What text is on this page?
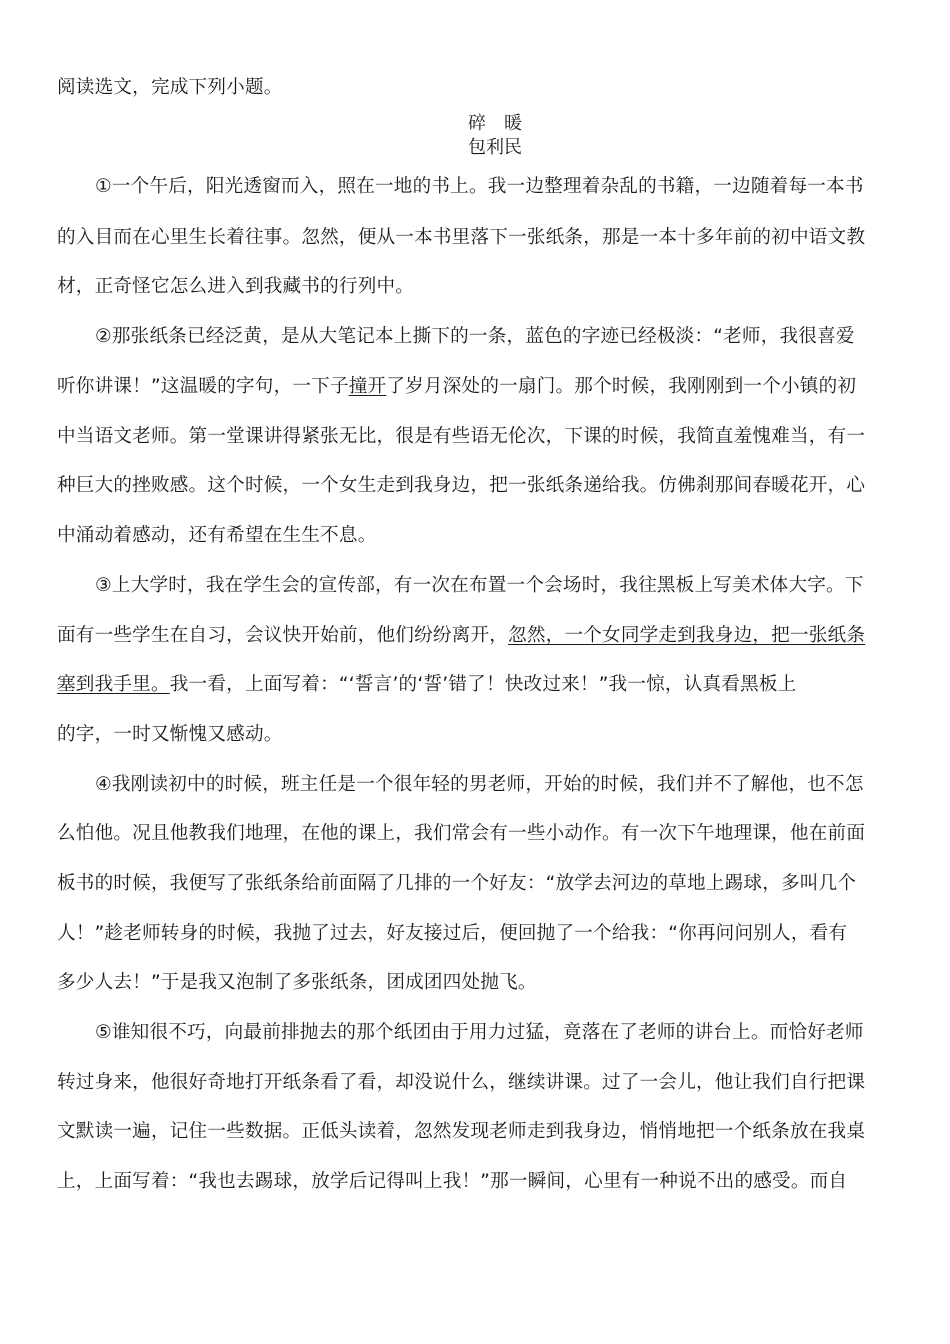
阅读选文，完成下列小题。
碎　暖
包利民
①一个午后，阳光透窗而入，照在一地的书上。我一边整理着杂乱的书籍，一边随着每一本书
的入目而在心里生长着往事。忽然，便从一本书里落下一张纸条，那是一本十多年前的初中语文教
材，正奇怪它怎么进入到我藏书的行列中。
②那张纸条已经泛黄，是从大笔记本上撕下的一条，蓝色的字迹已经极淡：“老师，我很喜爱
听你讲课！”这温暖的字句，一下子撞开了岁月深处的一扇门。那个时候，我刚刚到一个小镇的初
中当语文老师。第一堂课讲得紧张无比，很是有些语无伦次，下课的时候，我简直羞愧难当，有一
种巨大的挫败感。这个时候，一个女生走到我身边，把一张纸条递给我。仿佛刹那间春暖花开，心
中涌动着感动，还有希望在生生不息。
③上大学时，我在学生会的宣传部，有一次在布置一个会场时，我往黑板上写美术体大字。下
面有一些学生在自习，会议快开始前，他们纷纷离开，忽然，一个女同学走到我身边，把一张纸条
塞到我手里。我一看，上面写着：“‘誓言’的‘誓’错了！快改过来！”我一惊，认真看黑板上
的字，一时又惭愧又感动。
④我刚读初中的时候，班主任是一个很年轻的男老师，开始的时候，我们并不了解他，也不怎
么怕他。况且他教我们地理，在他的课上，我们常会有一些小动作。有一次下午地理课，他在前面
板书的时候，我便写了张纸条给前面隔了几排的一个好友：“放学去河边的草地上踢球，多叫几个
人！”趁老师转身的时候，我抛了过去，好友接过后，便回抛了一个给我：“你再问问别人，看有
多少人去！”于是我又泡制了多张纸条，团成团四处抛飞。
⑤谁知很不巧，向最前排抛去的那个纸团由于用力过猛，竟落在了老师的讲台上。而恰好老师
转过身来，他很好奇地打开纸条看了看，却没说什么，继续讲课。过了一会儿，他让我们自行把课
文默读一遍，记住一些数据。正低头读着，忽然发现老师走到我身边，悄悄地把一个纸条放在我桌
上，上面写着：“我也去踢球，放学后记得叫上我！”那一瞬间，心里有一种说不出的感受。而自
